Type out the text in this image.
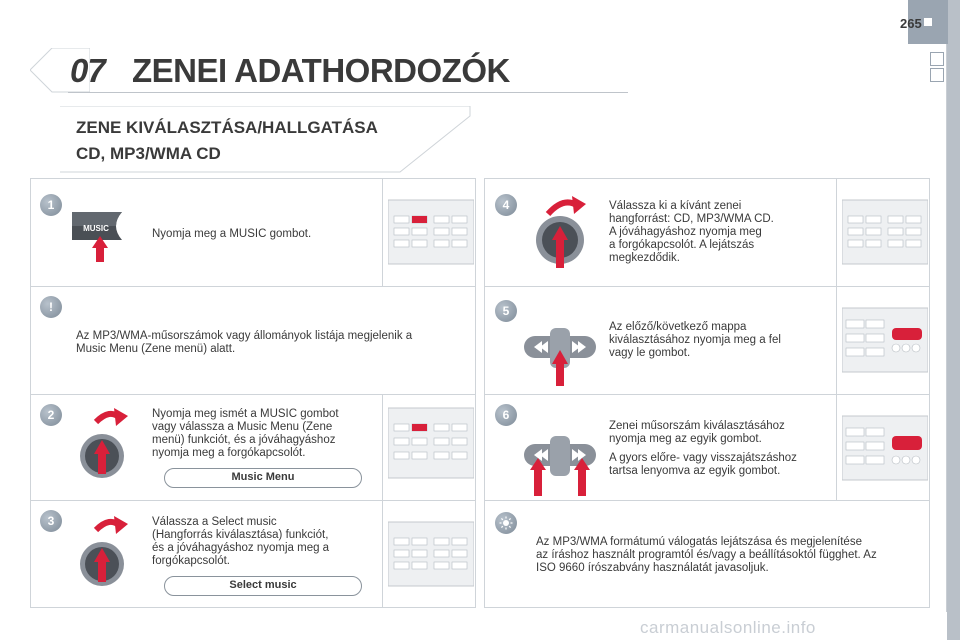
265
07 ZENEI ADATHORDOZÓK
ZENE KIVÁLASZTÁSA/HALLGATÁSA
CD, MP3/WMA CD
1
!
2
3
4
5
6
MUSIC	Nyomja meg a MUSIC gombot.
Az MP3/WMA-műsorszámok vagy állományok listája megjelenik a
Music Menu (Zene menü) alatt.
Nyomja meg ismét a MUSIC gombot
vagy válassza a Music Menu (Zene
menü) funkciót, és a jóváhagyáshoz
nyomja meg a forgókapcsolót.
Music Menu
Válassza a Select music
(Hangforrás kiválasztása) funkciót,
és a jóváhagyáshoz nyomja meg a
forgókapcsolót.
Select music
Válassza ki a kívánt zenei
hangforrást: CD, MP3/WMA CD.
A jóváhagyáshoz nyomja meg
a forgókapcsolót. A lejátszás
megkezdődik.
Az előző/következő mappa
kiválasztásához nyomja meg a fel
vagy le gombot.
Zenei műsorszám kiválasztásához
nyomja meg az egyik gombot.
A gyors előre- vagy visszajátszáshoz
tartsa lenyomva az egyik gombot.
Az MP3/WMA formátumú válogatás lejátszása és megjelenítése
az íráshoz használt programtól és/vagy a beállításoktól függhet. Az
ISO 9660 írószabvány használatát javasoljuk.
carmanualsonline.info
